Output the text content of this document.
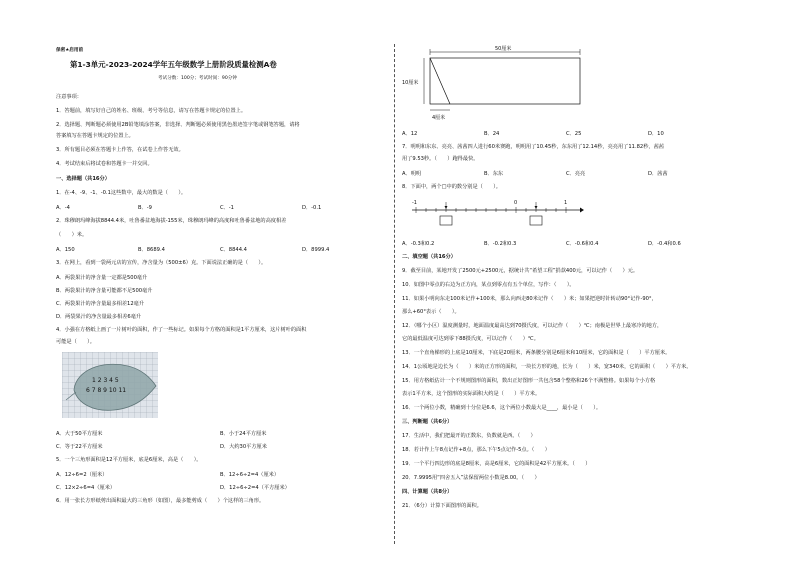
保密★启用前
第1-3单元-2023-2024学年五年级数学上册阶段质量检测A卷
考试分数：100分；考试时间：90分钟
注意事项：
1．答题前，填写好自己的姓名、班级、考号等信息，请写在答题卡规定的位置上。
2．选择题、判断题必须使用2B铅笔填涂答案，非选择、判断题必须使用黑色墨迹签字笔或钢笔答题，请将
答案填写在答题卡规定的位置上。
3．所有题目必须在答题卡上作答，在试卷上作答无效。
4．考试结束后将试卷和答题卡一并交回。
一、选择题（共16分）
1．在-4、-9、-1、-0.1这些数中，最大的数是（　　）。
A．-4	B．-9	C．-1	D．-0.1
2．珠穆朗玛峰海拔8844.4米，吐鲁番盆地海拔-155米，珠穆朗玛峰的高度和吐鲁番盆地的高度相差
（　　）米。
A．150	B．8689.4	C．8844.4	D．8999.4
3．在网上，看到一袋两元店的宣传，净含量为（500±6）克。下面说法正确的是（　　）。
A．两袋果汁的净含量一定都是500毫升
B．两袋果汁的净含量可能都不足500毫升
C．两袋果汁的净含量最多相差12毫升
D．两袋果汁的净含量最多相差6毫升
4．小强在方格纸上画了一片树叶的面积，作了一些标记。如果每个方格的面积是1平方厘米，这片树叶的面积
可能是（　　）。
1 2 3 4 5
6 7 8 9 10 11
A．大于50平方厘米	B．小于24平方厘米
C．等于22平方厘米	D．大约30平方厘米
5．一个三角形面积是12平方厘米，底是6厘米，高是（　　）。
A．12÷6=2（厘米）	B．12÷6÷2=4（厘米）
C．12×2÷6=4（厘米）	D．12÷6÷2=4（平方厘米）
6．用一张长方形纸剪出面积最大的三角形（如图），最多能剪成（　　）个这样的三角形。
50厘米
10厘米
4厘米
A．12	B．24	C．25	D．10
7．明明和东东、亮亮、茜茜四人进行60米赛跑，明明用了10.45秒，东东用了12.14秒，亮亮用了11.82秒，茜茜
用了9.53秒。（　　）跑得最快。
A．明明	B．东东	C．亮亮	D．茜茜
8．下面中，两个□中的数分别是（　　）。
-1	0	1
A．-0.3和0.2	B．-0.2和0.3	C．-0.6和0.4	D．-0.4和0.6
二、填空题（共16分）
9．截至目前，某地开发了2500元+2500元，据统计共“希望工程”捐款400元，可以记作（　　）元。
10．如图中零点的右边为正方向，某点到零点有五个单位，写作：（　　）。
11．如果小明向东走100米记作+100米，那么向西走80米记作（　　）米；如果把逆时针转动90°记作-90°，
那么+60°表示（　　）。
12．（哪个小区）温度测量时，地面温度最高达到70摄氏度，可以记作（　　）℃；南极是世界上最寒冷的地方，
它的最低温度可达到零下88摄氏度，可以记作（　　）℃。
13．一个直角梯形的上底是10厘米，下底是20厘米，两条腰分别是6厘米和10厘米，它的面积是（　　）平方厘米。
14．1公顷地是边长为（　　）米的正方形的面积，一块长方形的地，长为（　　）米，宽340米，它的面积（　　）平方米。
15．用方格纸估计一个不规则图形的面积，数出正好图形一共包含58个整格和26个不满整格。如果每个小方格
表示1平方米，这个图形的实际面积大约是（　　）平方米。
16．一个两位小数，精确到十分位是6.6，这个两位小数最大是____，最小是（　　）。
三、判断题（共6分）
17．生活中，我们把最开的正数东，负数就是西。（　　）
18．若计作上午8点记作+8点，那么下午5点记作-5点。（　　）
19．一个平行四边形的底是8厘米，高是6厘米，它的面积是42平方厘米。（　　）
20．7.9995用“四舍五入”法保留两位小数是8.00。（　　）
四、计算题（共8分）
21．（6分）计算下面图形的面积。
